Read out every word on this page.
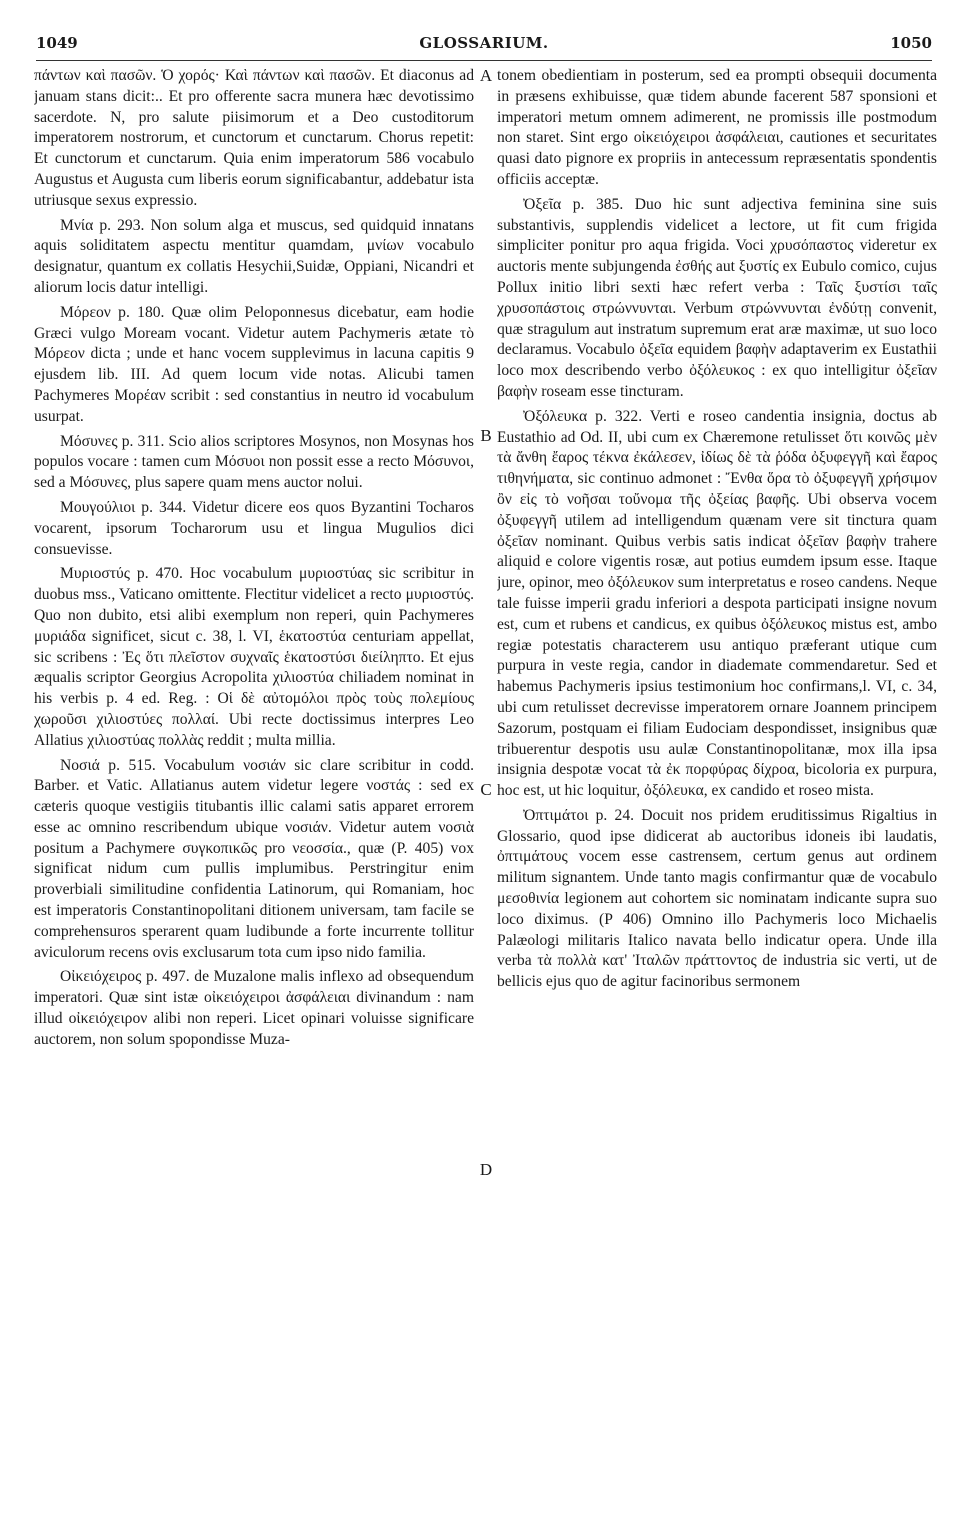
1049	GLOSSARIUM.	1050

πάντων καὶ πασῶν. Ὁ χορός· Καὶ πάντων καὶ πασῶν. Et diaconus ad januam stans dicit:.. Et pro offerente sacra munera hæc devotissimo sacerdote. N, pro salute piisimorum et a Deo custoditorum imperatorem nostrorum, et cunctorum et cunctarum. Chorus repetit: Et cunctorum et cunctarum. Quia enim imperatorum 586 vocabulo Augustus et Augusta cum liberis eorum significabantur, addebatur ista utriusque sexus expressio.

Μνία p. 293. Non solum alga et muscus, sed quidquid innatans aquis soliditatem aspectu mentitur quamdam, μνίων vocabulo designatur, quantum ex collatis Hesychii,Suidæ, Oppiani, Nicandri et aliorum locis datur intelligi.

Μόρεον p. 180. Quæ olim Peloponnesus dicebatur, eam hodie Græci vulgo Moream vocant. Videtur autem Pachymeris ætate τὸ Μόρεον dicta ; unde et hanc vocem supplevimus in lacuna capitis 9 ejusdem lib. III. Ad quem locum vide notas. Alicubi tamen Pachymeres Μορέαν scribit : sed constantius in neutro id vocabulum usurpat.

Μόσυνες p. 311. Scio alios scriptores Mosynos, non Mosynas hos populos vocare : tamen cum Μόσυοι non possit esse a recto Μόσυνοι, sed a Μόσυνες, plus sapere quam mens auctor nolui.

Μουγούλιοι p. 344. Videtur dicere eos quos Byzantini Tocharos vocarent, ipsorum Tocharorum usu et lingua Mugulios dici consuevisse.

Μυριοστύς p. 470. Hoc vocabulum μυριοστύας sic scribitur in duobus mss., Vaticano omittente. Flectitur videlicet a recto μυριοστύς. Quo non dubito, etsi alibi exemplum non reperi, quin Pachymeres μυριάδα significet, sicut c. 38, l. VI, ἑκατοστύα centuriam appellat, sic scribens : Ἐς ὅτι πλεῖστον συχναῖς ἑκατοστύσι διείληπτο. Et ejus æqualis scriptor Georgius Acropolita χιλιοστύα chiliadem nominat in his verbis p. 4 ed. Reg. : Οἱ δὲ αὐτομόλοι πρὸς τοὺς πολεμίους χωροῦσι χιλιοστύες πολλαί. Ubi recte doctissimus interpres Leo Allatius χιλιοστύας πολλὰς reddit ; multa millia.

Νοσιά p. 515. Vocabulum νοσιάν sic clare scribitur in codd. Barber. et Vatic. Allatianus autem videtur legere νοστάς : sed ex cæteris quoque vestigiis titubantis illic calami satis apparet errorem esse ac omnino rescribendum ubique νοσιάν. Videtur autem νοσιὰ positum a Pachymere συγκοπικῶς pro νεοσσία., quæ (P. 405) vox significat nidum cum pullis implumibus. Perstringitur enim proverbiali similitudine confidentia Latinorum, qui Romaniam, hoc est imperatoris Constantinopolitani ditionem universam, tam facile se comprehensuros sperarent quam ludibunde a forte incurrente tollitur aviculorum recens ovis exclusarum tota cum ipso nido familia.

Οἰκειόχειρος p. 497. de Muzalone malis inflexo ad obsequendum imperatori. Quæ sint istæ οἰκειόχειροι ἀσφάλειαι divinandum : nam illud οἰκειόχειρον alibi non reperi. Licet opinari voluisse significare auctorem, non solum spopondisse Muza-

A
B
C
D

tonem obedientiam in posterum, sed ea prompti obsequii documenta in præsens exhibuisse, quæ tidem abunde facerent 587 sponsioni et imperatori metum omnem adimerent, ne promissis ille postmodum non staret. Sint ergo οἰκειόχειροι ἀσφάλειαι, cautiones et securitates quasi dato pignore ex propriis in antecessum repræsentatis spondentis officiis acceptæ.

Ὀξεῖα p. 385. Duo hic sunt adjectiva feminina sine suis substantivis, supplendis videlicet a lectore, ut fit cum frigida simpliciter ponitur pro aqua frigida. Voci χρυσόπαστος videretur ex auctoris mente subjungenda ἐσθής aut ξυστίς ex Eubulo comico, cujus Pollux initio libri sexti hæc refert verba : Ταῖς ξυστίσι ταῖς χρυσοπάστοις στρώννυνται. Verbum στρώννυνται ἐνδύτῃ convenit, quæ stragulum aut instratum supremum erat aræ maximæ, ut suo loco declaramus. Vocabulo ὀξεῖα equidem βαφὴν adaptaverim ex Eustathii loco mox describendo verbo ὀξόλευκος : ex quo intelligitur ὀξεῖαν βαφὴν roseam esse tincturam.

Ὀξόλευκα p. 322. Verti e roseo candentia insignia, doctus ab Eustathio ad Od. II, ubi cum ex Chæremone retulisset ὅτι κοινῶς μὲν τὰ ἄνθη ἔαρος τέκνα ἐκάλεσεν, ἰδίως δὲ τὰ ῥόδα ὀξυφεγγῆ καὶ ἔαρος τιθηνήματα, sic continuo admonet : Ἔνθα ὅρα τὸ ὀξυφεγγῆ χρήσιμον ὂν εἰς τὸ νοῆσαι τοὔνομα τῆς ὀξείας βαφῆς. Ubi observa vocem ὀξυφεγγῆ utilem ad intelligendum quænam vere sit tinctura quam ὀξεῖαν nominant. Quibus verbis satis indicat ὀξεῖαν βαφὴν trahere aliquid e colore vigentis rosæ, aut potius eumdem ipsum esse. Itaque jure, opinor, meo ὀξόλευκον sum interpretatus e roseo candens. Neque tale fuisse imperii gradu inferiori a despota participati insigne novum est, cum et rubens et candicus, ex quibus ὀξόλευκος mistus est, ambo regiæ potestatis characterem usu antiquo præferant utique cum purpura in veste regia, candor in diademate commendaretur. Sed et habemus Pachymeris ipsius testimonium hoc confirmans,l. VI, c. 34, ubi cum retulisset decrevisse imperatorem ornare Joannem principem Sazorum, postquam ei filiam Eudociam despondisset, insignibus quæ tribuerentur despotis usu aulæ Constantinopolitanæ, mox illa ipsa insignia despotæ vocat τὰ ἐκ πορφύρας δίχροα, bicoloria ex purpura, hoc est, ut hic loquitur, ὀξόλευκα, ex candido et roseo mista.

Ὀπτιμάτοι p. 24. Docuit nos pridem eruditissimus Rigaltius in Glossario, quod ipse didicerat ab auctoribus idoneis ibi laudatis, ὀπτιμάτους vocem esse castrensem, certum genus aut ordinem militum signantem. Unde tanto magis confirmantur quæ de vocabulo μεσοθινία legionem aut cohortem sic nominatam indicante supra suo loco diximus. (P 406) Omnino illo Pachymeris loco Michaelis Palæologi militaris Italico navata bello indicatur opera. Unde illa verba τὰ πολλὰ κατ' Ἰταλῶν πράττοντος de industria sic verti, ut de bellicis ejus quo de agitur facinoribus sermonem
